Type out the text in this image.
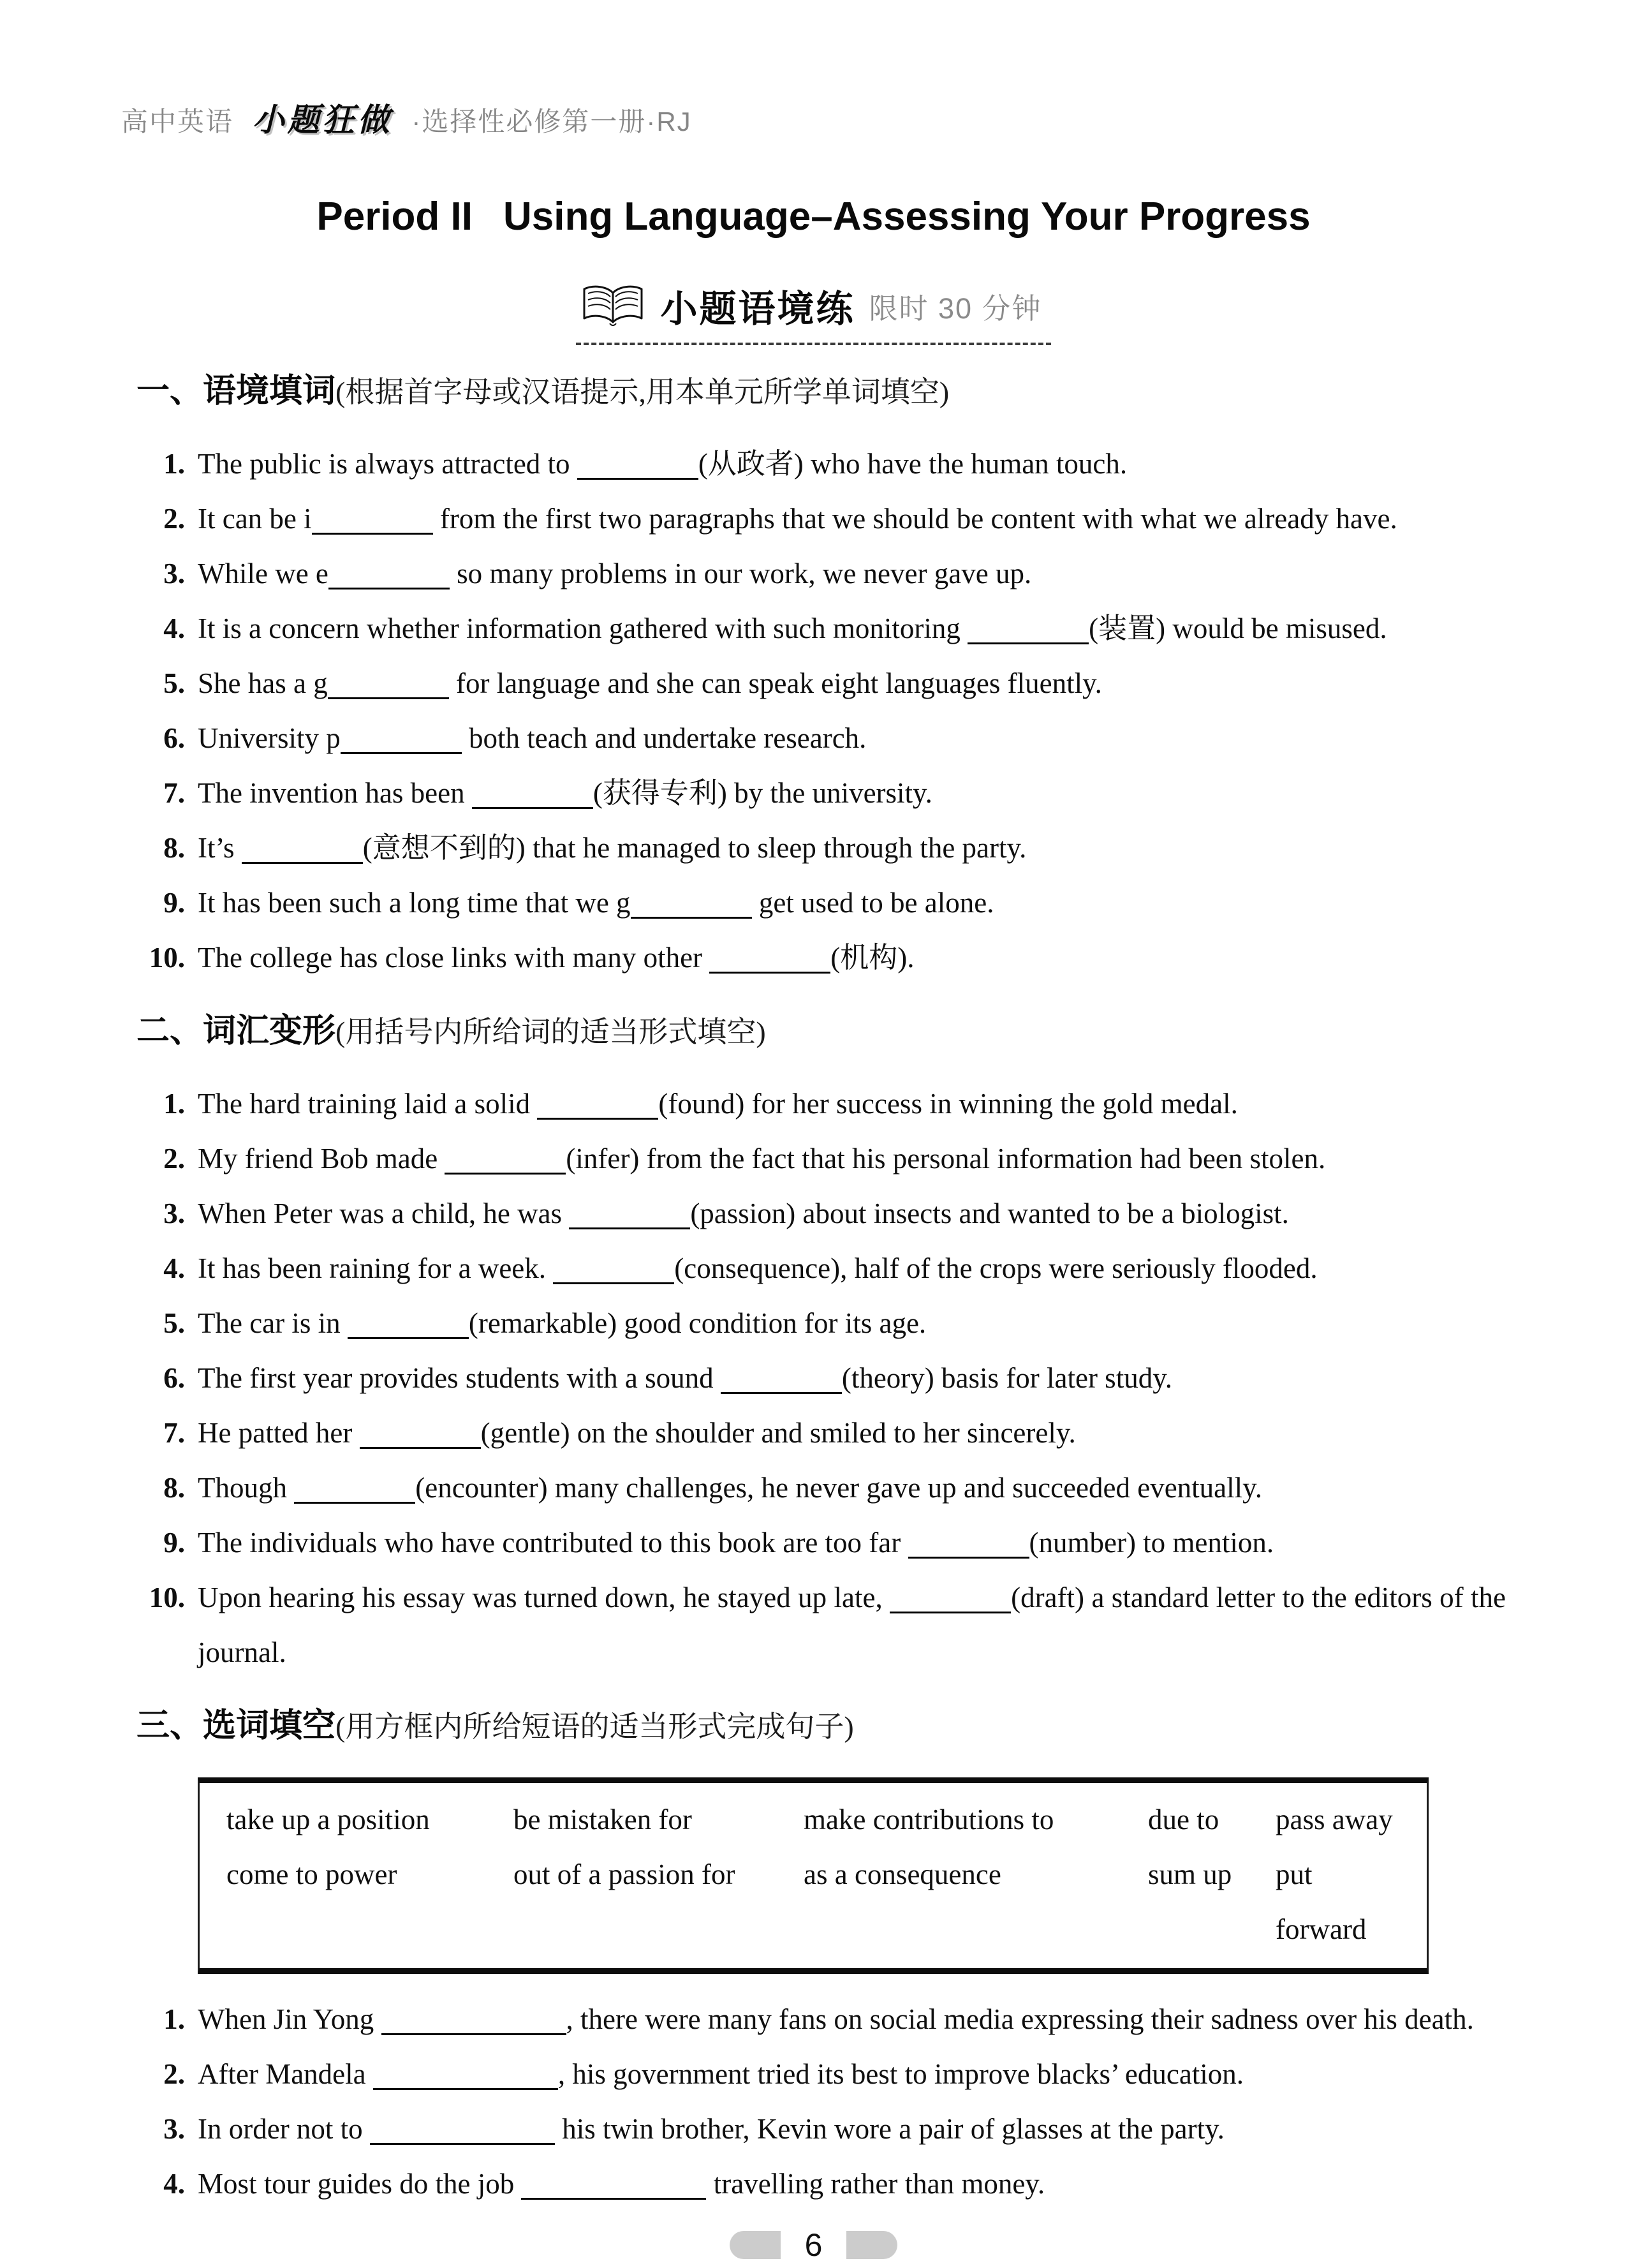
高中英语 小题狂做 ·选择性必修第一册·RJ
Period II Using Language–Assessing Your Progress
小题语境练 限时 30 分钟
一、语境填词(根据首字母或汉语提示,用本单元所学单词填空)
1. The public is always attracted to	(从政者) who have the human touch.
2. It can be i	from the first two paragraphs that we should be content with what we already have.
3. While we e	so many problems in our work, we never gave up.
4. It is a concern whether information gathered with such monitoring	(装置) would be misused.
5. She has a g	for language and she can speak eight languages fluently.
6. University p	both teach and undertake research.
7. The invention has been	(获得专利) by the university.
8. It’s	(意想不到的) that he managed to sleep through the party.
9. It has been such a long time that we g	get used to be alone.
10. The college has close links with many other	(机构).
二、词汇变形(用括号内所给词的适当形式填空)
1. The hard training laid a solid	(found) for her success in winning the gold medal.
2. My friend Bob made	(infer) from the fact that his personal information had been stolen.
3. When Peter was a child, he was	(passion) about insects and wanted to be a biologist.
4. It has been raining for a week.	(consequence), half of the crops were seriously flooded.
5. The car is in	(remarkable) good condition for its age.
6. The first year provides students with a sound	(theory) basis for later study.
7. He patted her	(gentle) on the shoulder and smiled to her sincerely.
8. Though	(encounter) many challenges, he never gave up and succeeded eventually.
9. The individuals who have contributed to this book are too far	(number) to mention.
10. Upon hearing his essay was turned down, he stayed up late,	(draft) a standard letter to the editors of the journal.
三、选词填空(用方框内所给短语的适当形式完成句子)
take up a position	be mistaken for	make contributions to	due to	pass away
come to power	out of a passion for	as a consequence	sum up	put forward
1. When Jin Yong	, there were many fans on social media expressing their sadness over his death.
2. After Mandela	, his government tried its best to improve blacks’ education.
3. In order not to	his twin brother, Kevin wore a pair of glasses at the party.
4. Most tour guides do the job	travelling rather than money.
6
